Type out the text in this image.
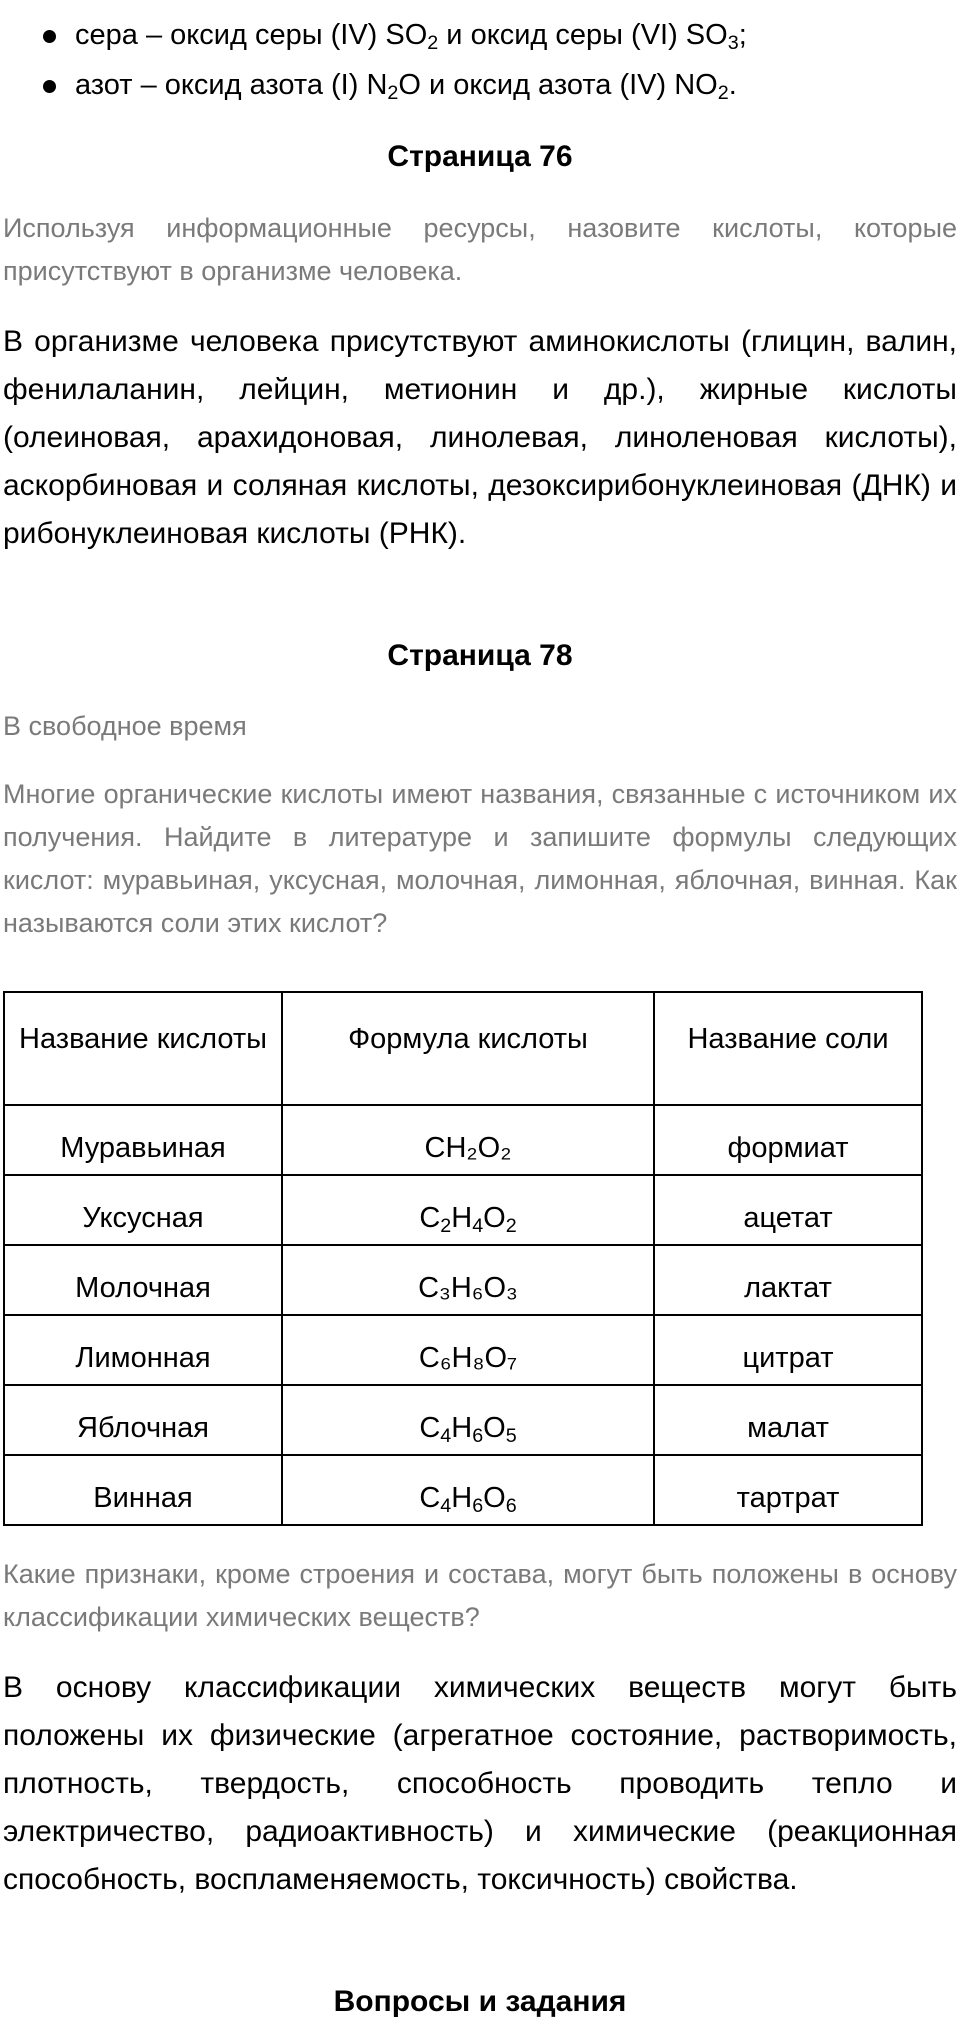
сера – оксид серы (IV) $SO_2$ и оксид серы (VI) $SO_3$;
азот – оксид азота (I) $N_2O$ и оксид азота (IV) $NO_2$.
Страница 76

Используя информационные ресурсы, назовите кислоты, которые присутствуют в организме человека.

В организме человека присутствуют аминокислоты (глицин, валин, фенилаланин, лейцин, метионин и др.), жирные кислоты (олеиновая, арахидоновая, линолевая, линоленовая кислоты), аскорбиновая и соляная кислоты, дезоксирибонуклеиновая (ДНК) и рибонуклеиновая кислоты (РНК).

Страница 78

В свободное время

Многие органические кислоты имеют названия, связанные с источником их получения. Найдите в литературе и запишите формулы следующих кислот: муравьиная, уксусная, молочная, лимонная, яблочная, винная. Как называются соли этих кислот?

Название кислоты	Формула кислоты	Название соли
Муравьиная	CH₂O₂	формиат
Уксусная	$C_2H_4O_2$	ацетат
Молочная	C₃H₆O₃	лактат
Лимонная	C₆H₈O₇	цитрат
Яблочная	$C_4H_6O_5$	малат
Винная	$C_4H_6O_6$	тартрат

Какие признаки, кроме строения и состава, могут быть положены в основу классификации химических веществ?

В основу классификации химических веществ могут быть положены их физические (агрегатное состояние, растворимость, плотность, твердость, способность проводить тепло и электричество, радиоактивность) и химические (реакционная способность, воспламеняемость, токсичность) свойства.

Вопросы и задания
